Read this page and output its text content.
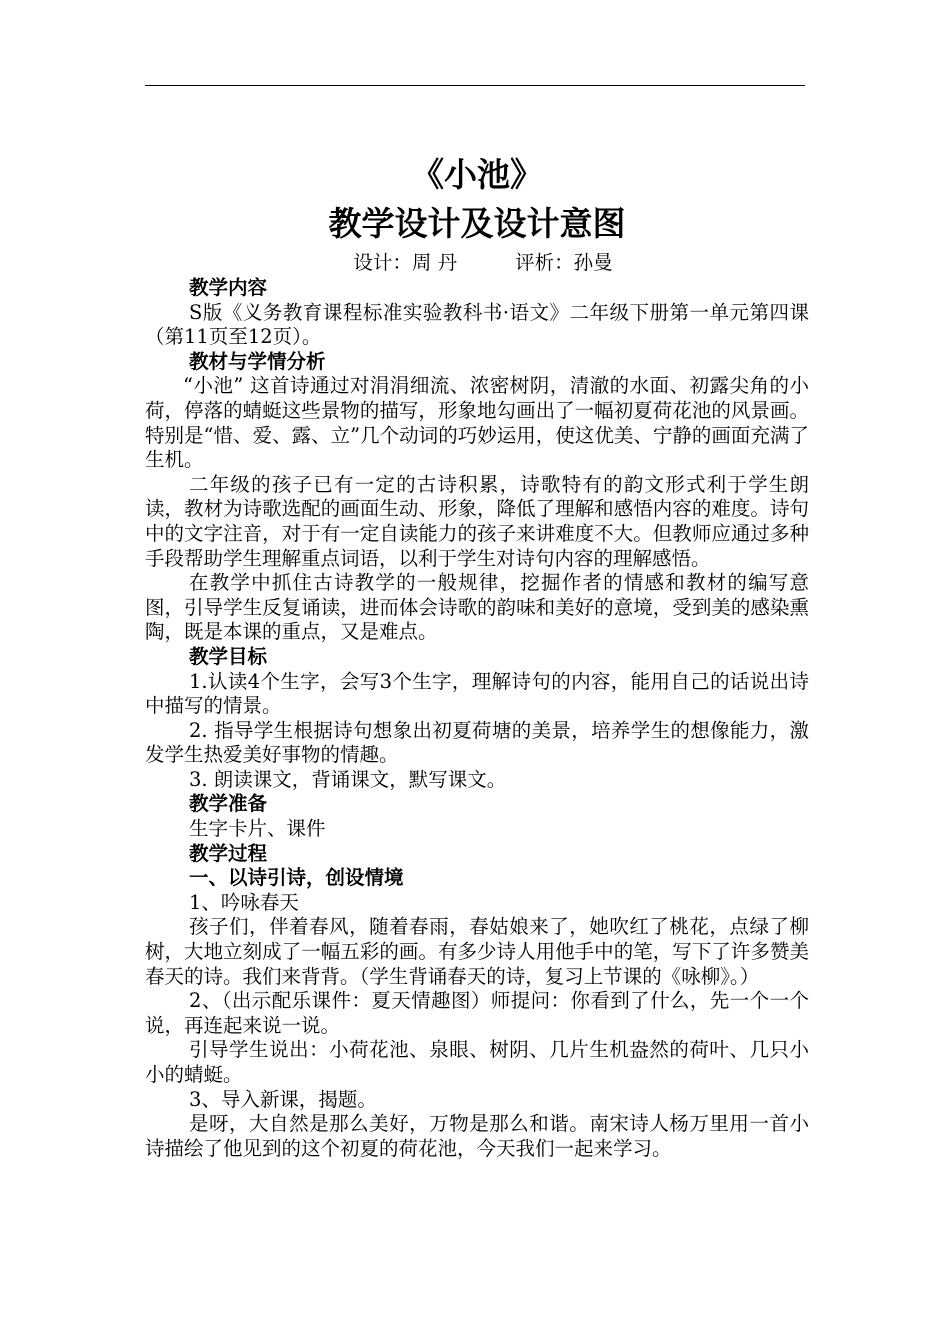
《小池》
教学设计及设计意图
设计：周 丹	评析：孙曼
教学内容
S版《义务教育课程标准实验教科书·语文》二年级下册第一单元第四课（第11页至12页）。
教材与学情分析
“小池” 这首诗通过对涓涓细流、浓密树阴，清澈的水面、初露尖角的小荷，停落的蜻蜓这些景物的描写，形象地勾画出了一幅初夏荷花池的风景画。特别是“惜、爱、露、立”几个动词的巧妙运用，使这优美、宁静的画面充满了生机。
二年级的孩子已有一定的古诗积累，诗歌特有的韵文形式利于学生朗读，教材为诗歌选配的画面生动、形象，降低了理解和感悟内容的难度。诗句中的文字注音，对于有一定自读能力的孩子来讲难度不大。但教师应通过多种手段帮助学生理解重点词语，以利于学生对诗句内容的理解感悟。
在教学中抓住古诗教学的一般规律，挖掘作者的情感和教材的编写意图，引导学生反复诵读，进而体会诗歌的韵味和美好的意境，受到美的感染熏陶，既是本课的重点，又是难点。
教学目标
1.认读4个生字，会写3个生字，理解诗句的内容，能用自己的话说出诗中描写的情景。
2. 指导学生根据诗句想象出初夏荷塘的美景，培养学生的想像能力，激发学生热爱美好事物的情趣。
3. 朗读课文，背诵课文，默写课文。
教学准备
生字卡片、课件
教学过程
一、以诗引诗，创设情境
1、吟咏春天
孩子们，伴着春风，随着春雨，春姑娘来了，她吹红了桃花，点绿了柳树，大地立刻成了一幅五彩的画。有多少诗人用他手中的笔，写下了许多赞美春天的诗。我们来背背。（学生背诵春天的诗，复习上节课的《咏柳》。）
2、（出示配乐课件：夏天情趣图）师提问：你看到了什么，先一个一个说，再连起来说一说。
引导学生说出：小荷花池、泉眼、树阴、几片生机盎然的荷叶、几只小小的蜻蜓。
3、导入新课，揭题。
是呀，大自然是那么美好，万物是那么和谐。南宋诗人杨万里用一首小诗描绘了他见到的这个初夏的荷花池，今天我们一起来学习。
